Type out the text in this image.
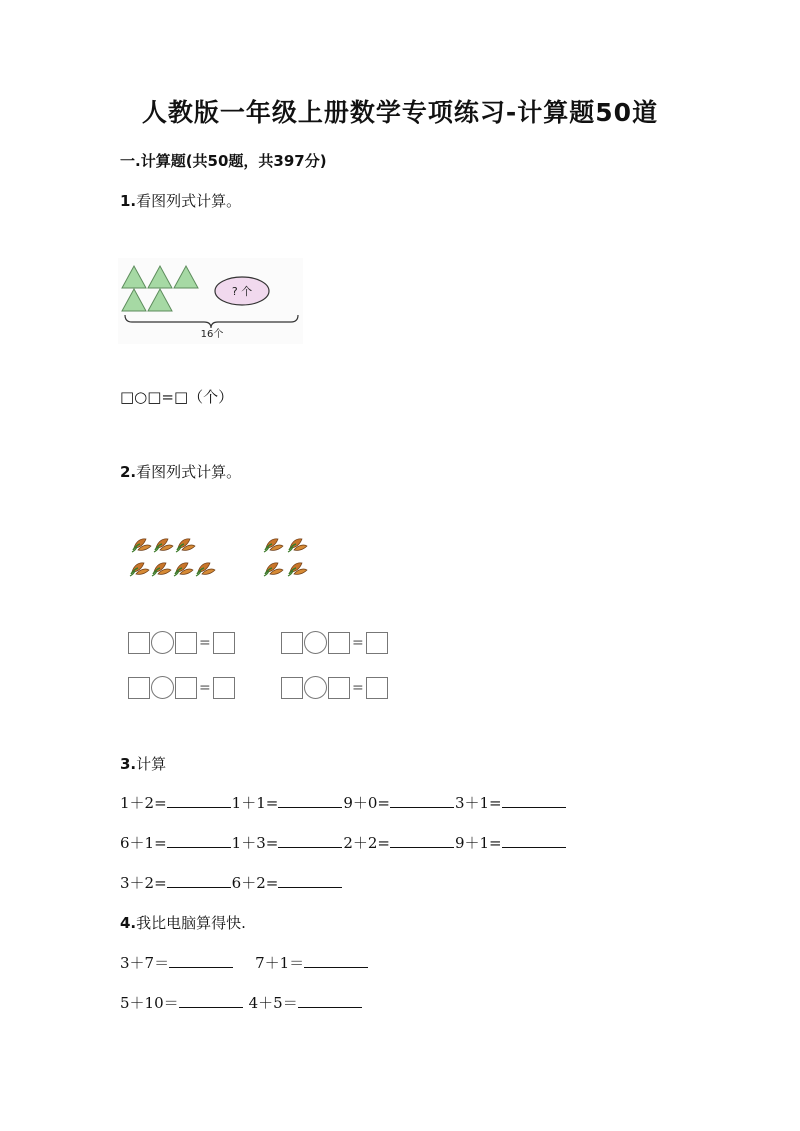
人教版一年级上册数学专项练习-计算题50道
一.计算题(共50题，共397分)
1.看图列式计算。
? 个
16个
□○□=□（个）
2.看图列式计算。
=	=
=	=
3.计算
1＋2=	1＋1=	9＋0=	3＋1=
6＋1=	1＋3=	2＋2=	9＋1=
3＋2=	6＋2=
4.我比电脑算得快.
3＋7＝	7＋1＝
5＋10＝	4＋5＝
